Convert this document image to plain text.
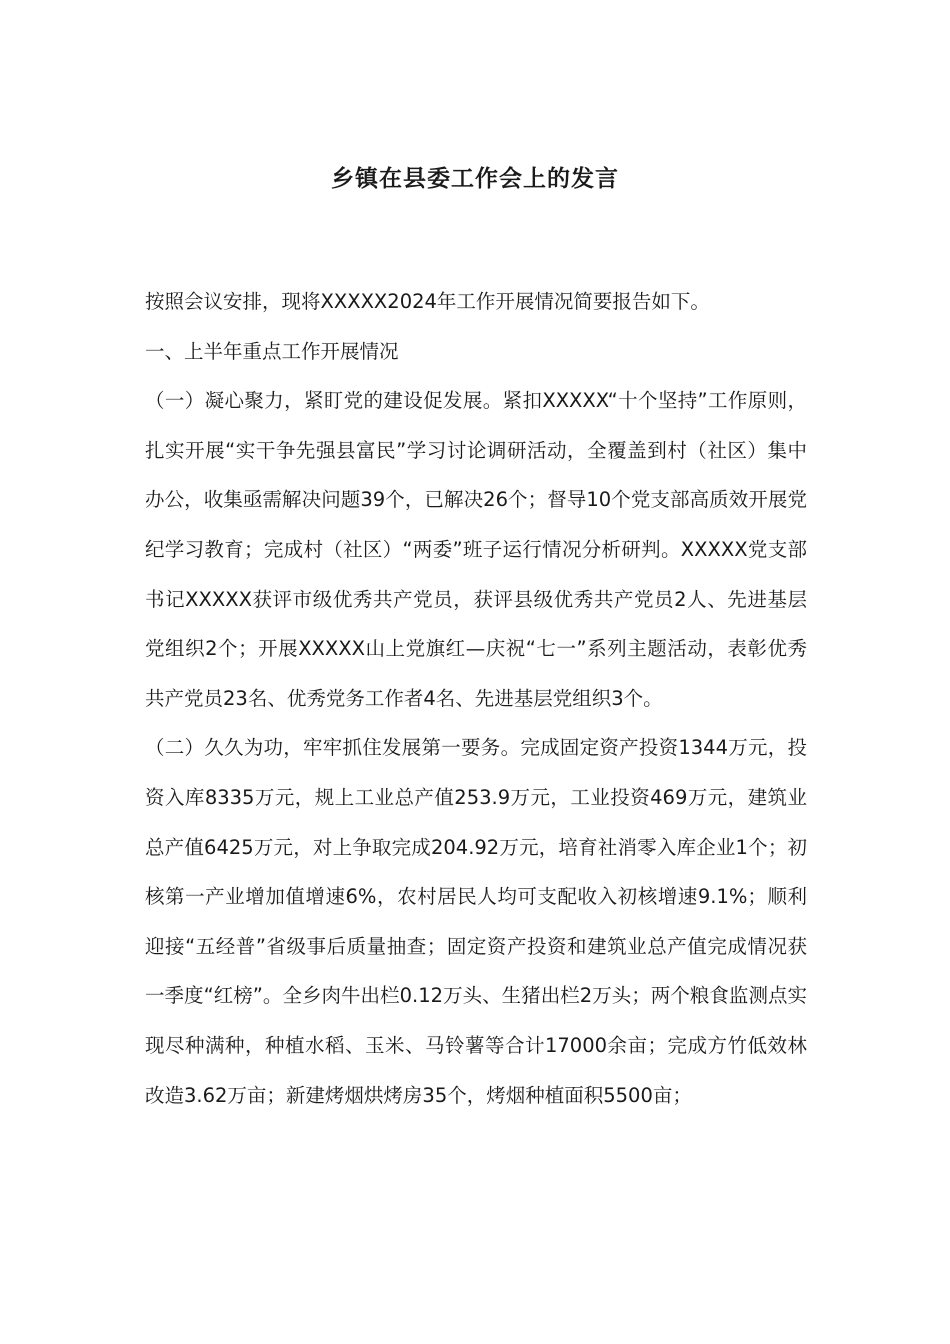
乡镇在县委工作会上的发言

按照会议安排，现将XXXXX2024年工作开展情况简要报告如下。

一、上半年重点工作开展情况

（一）凝心聚力，紧盯党的建设促发展。紧扣XXXXX“十个坚持”工作原则，扎实开展“实干争先强县富民”学习讨论调研活动，全覆盖到村（社区）集中办公，收集亟需解决问题39个，已解决26个；督导10个党支部高质效开展党纪学习教育；完成村（社区）“两委”班子运行情况分析研判。XXXXX党支部书记XXXXX获评市级优秀共产党员，获评县级优秀共产党员2人、先进基层党组织2个；开展XXXXX山上党旗红—庆祝“七一”系列主题活动，表彰优秀共产党员23名、优秀党务工作者4名、先进基层党组织3个。

（二）久久为功，牢牢抓住发展第一要务。完成固定资产投资1344万元，投资入库8335万元，规上工业总产值253.9万元，工业投资469万元，建筑业总产值6425万元，对上争取完成204.92万元，培育社消零入库企业1个；初核第一产业增加值增速6%，农村居民人均可支配收入初核增速9.1%；顺利迎接“五经普”省级事后质量抽查；固定资产投资和建筑业总产值完成情况获一季度“红榜”。全乡肉牛出栏0.12万头、生猪出栏2万头；两个粮食监测点实现尽种满种，种植水稻、玉米、马铃薯等合计17000余亩；完成方竹低效林改造3.62万亩；新建烤烟烘烤房35个，烤烟种植面积5500亩；
